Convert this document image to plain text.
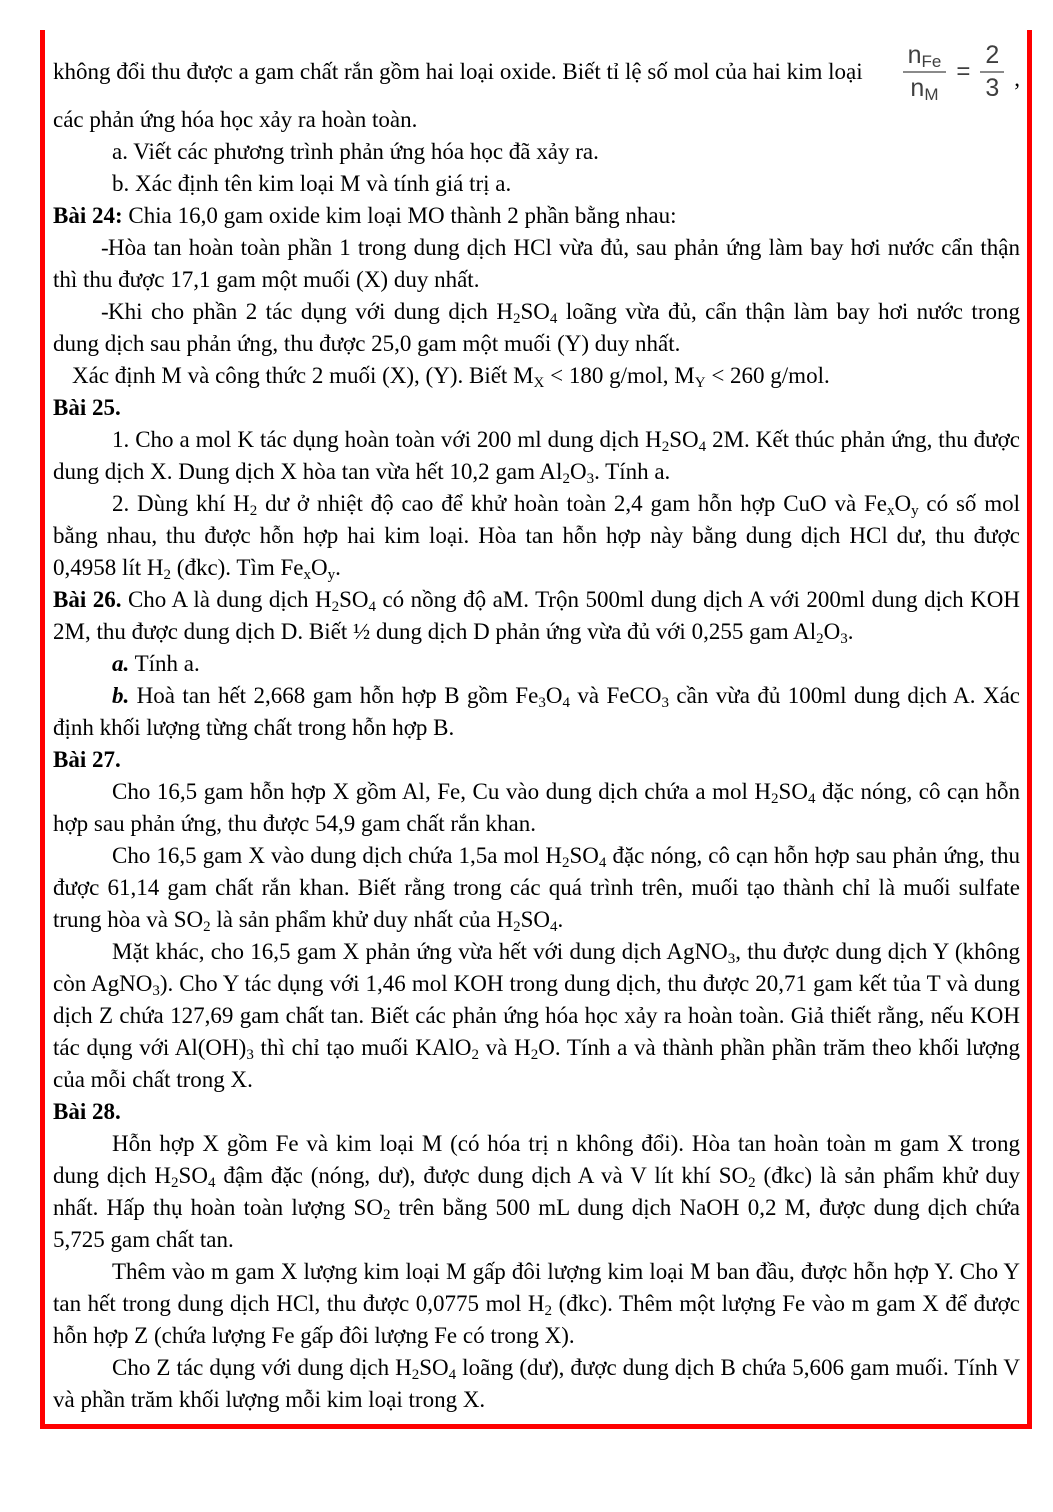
không đổi thu được a gam chất rắn gồm hai loại oxide. Biết tỉ lệ số mol của hai kim loại $\frac{\text{nFe}}{nM} = \frac{2}{3}$ ,

các phản ứng hóa học xảy ra hoàn toàn.

a. Viết các phương trình phản ứng hóa học đã xảy ra.

b. Xác định tên kim loại M và tính giá trị a.

Bài 24: Chia 16,0 gam oxide kim loại MO thành 2 phần bằng nhau:

-Hòa tan hoàn toàn phần 1 trong dung dịch HCl vừa đủ, sau phản ứng làm bay hơi nước cẩn thận thì thu được 17,1 gam một muối (X) duy nhất.

-Khi cho phần 2 tác dụng với dung dịch $H_2SO_4$ loãng vừa đủ, cẩn thận làm bay hơi nước trong dung dịch sau phản ứng, thu được 25,0 gam một muối (Y) duy nhất.

Xác định M và công thức 2 muối (X), (Y). Biết $M_X < 180$ g/mol, $M_Y < 260$ g/mol.

Bài 25.

1. Cho a mol K tác dụng hoàn toàn với 200 ml dung dịch $H_2SO_4$ 2M. Kết thúc phản ứng, thu được dung dịch X. Dung dịch X hòa tan vừa hết 10,2 gam $Al_2O_3$. Tính a.

2. Dùng khí $H_2$ dư ở nhiệt độ cao để khử hoàn toàn 2,4 gam hỗn hợp CuO và $Fe_xO_y$ có số mol bằng nhau, thu được hỗn hợp hai kim loại. Hòa tan hỗn hợp này bằng dung dịch HCl dư, thu được 0,4958 lít $H_2$ (đkc). Tìm $Fe_xO_y$.

Bài 26. Cho A là dung dịch $H_2SO_4$ có nồng độ aM. Trộn 500ml dung dịch A với 200ml dung dịch KOH 2M, thu được dung dịch D. Biết ½ dung dịch D phản ứng vừa đủ với 0,255 gam $Al_2O_3$.

a. Tính a.

b. Hoà tan hết 2,668 gam hỗn hợp B gồm $Fe_3O_4$ và FeCO$_3$ cần vừa đủ 100ml dung dịch A. Xác định khối lượng từng chất trong hỗn hợp B.

Bài 27.

Cho 16,5 gam hỗn hợp X gồm Al, Fe, Cu vào dung dịch chứa a mol $H_2SO_4$ đặc nóng, cô cạn hỗn hợp sau phản ứng, thu được 54,9 gam chất rắn khan.

Cho 16,5 gam X vào dung dịch chứa 1,5a mol $H_2SO_4$ đặc nóng, cô cạn hỗn hợp sau phản ứng, thu được 61,14 gam chất rắn khan. Biết rằng trong các quá trình trên, muối tạo thành chỉ là muối sulfate trung hòa và $SO_2$ là sản phẩm khử duy nhất của $H_2SO_4$.

Mặt khác, cho 16,5 gam X phản ứng vừa hết với dung dịch AgNO$_3$, thu được dung dịch Y (không còn AgNO$_3$). Cho Y tác dụng với 1,46 mol KOH trong dung dịch, thu được 20,71 gam kết tủa T và dung dịch Z chứa 127,69 gam chất tan. Biết các phản ứng hóa học xảy ra hoàn toàn. Giả thiết rằng, nếu KOH tác dụng với $Al(OH)_3$ thì chỉ tạo muối KAlO$_2$ và $H_2O$. Tính a và thành phần phần trăm theo khối lượng của mỗi chất trong X.

Bài 28.

Hỗn hợp X gồm Fe và kim loại M (có hóa trị n không đổi). Hòa tan hoàn toàn m gam X trong dung dịch $H_2SO_4$ đậm đặc (nóng, dư), được dung dịch A và V lít khí $SO_2$ (đkc) là sản phẩm khử duy nhất. Hấp thụ hoàn toàn lượng $SO_2$ trên bằng 500 mL dung dịch NaOH 0,2 M, được dung dịch chứa 5,725 gam chất tan.

Thêm vào m gam X lượng kim loại M gấp đôi lượng kim loại M ban đầu, được hỗn hợp Y. Cho Y tan hết trong dung dịch HCl, thu được 0,0775 mol $H_2$ (đkc). Thêm một lượng Fe vào m gam X để được hỗn hợp Z (chứa lượng Fe gấp đôi lượng Fe có trong X).

Cho Z tác dụng với dung dịch $H_2SO_4$ loãng (dư), được dung dịch B chứa 5,606 gam muối. Tính V và phần trăm khối lượng mỗi kim loại trong X.
